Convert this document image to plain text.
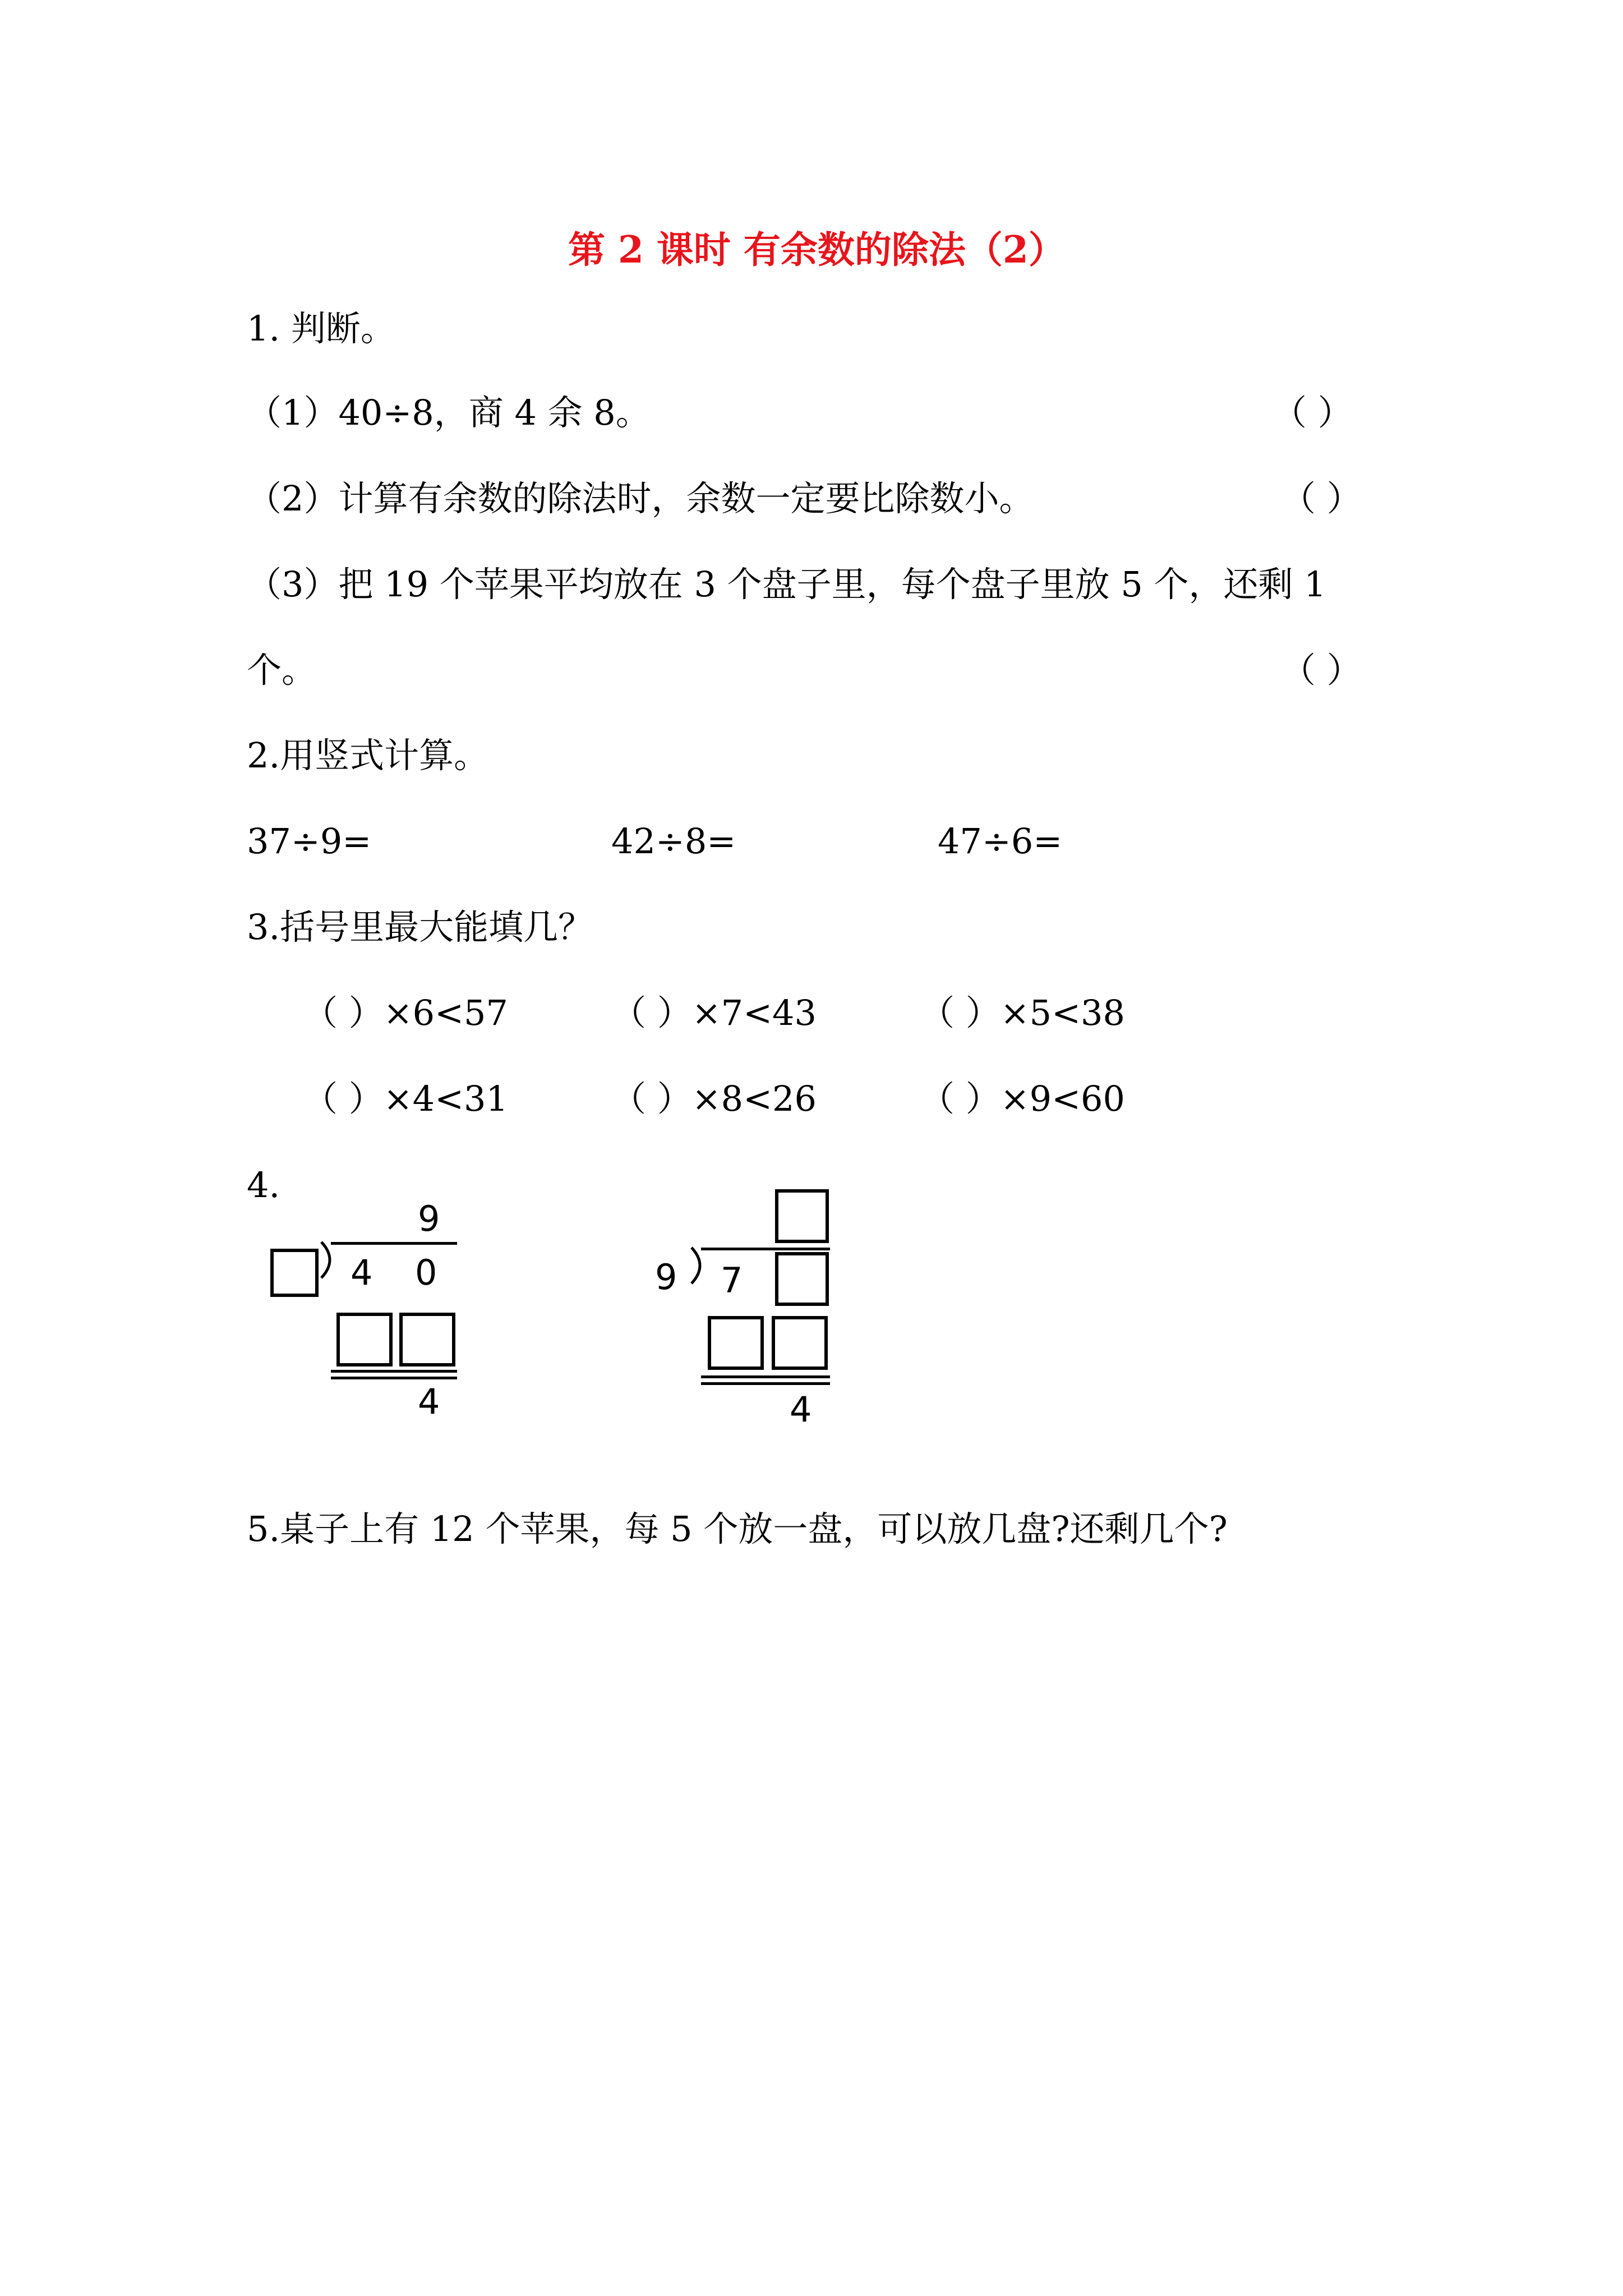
第 2 课时 有余数的除法（2）
1. 判断。
（1）40÷8，商 4 余 8。	（ ）
（2）计算有余数的除法时，余数一定要比除数小。	（ ）
（3）把 19 个苹果平均放在 3 个盘子里，每个盘子里放 5 个，还剩 1
个。	（ ）
2.用竖式计算。
37÷9=	42÷8=	47÷6=
3.括号里最大能填几？
（ ）×6<57	（ ）×7<43	（ ）×5<38
（ ）×4<31	（ ）×8<26	（ ）×9<60
4.
9
4 0
4
9 7
4
5.桌子上有 12 个苹果，每 5 个放一盘，可以放几盘?还剩几个?
